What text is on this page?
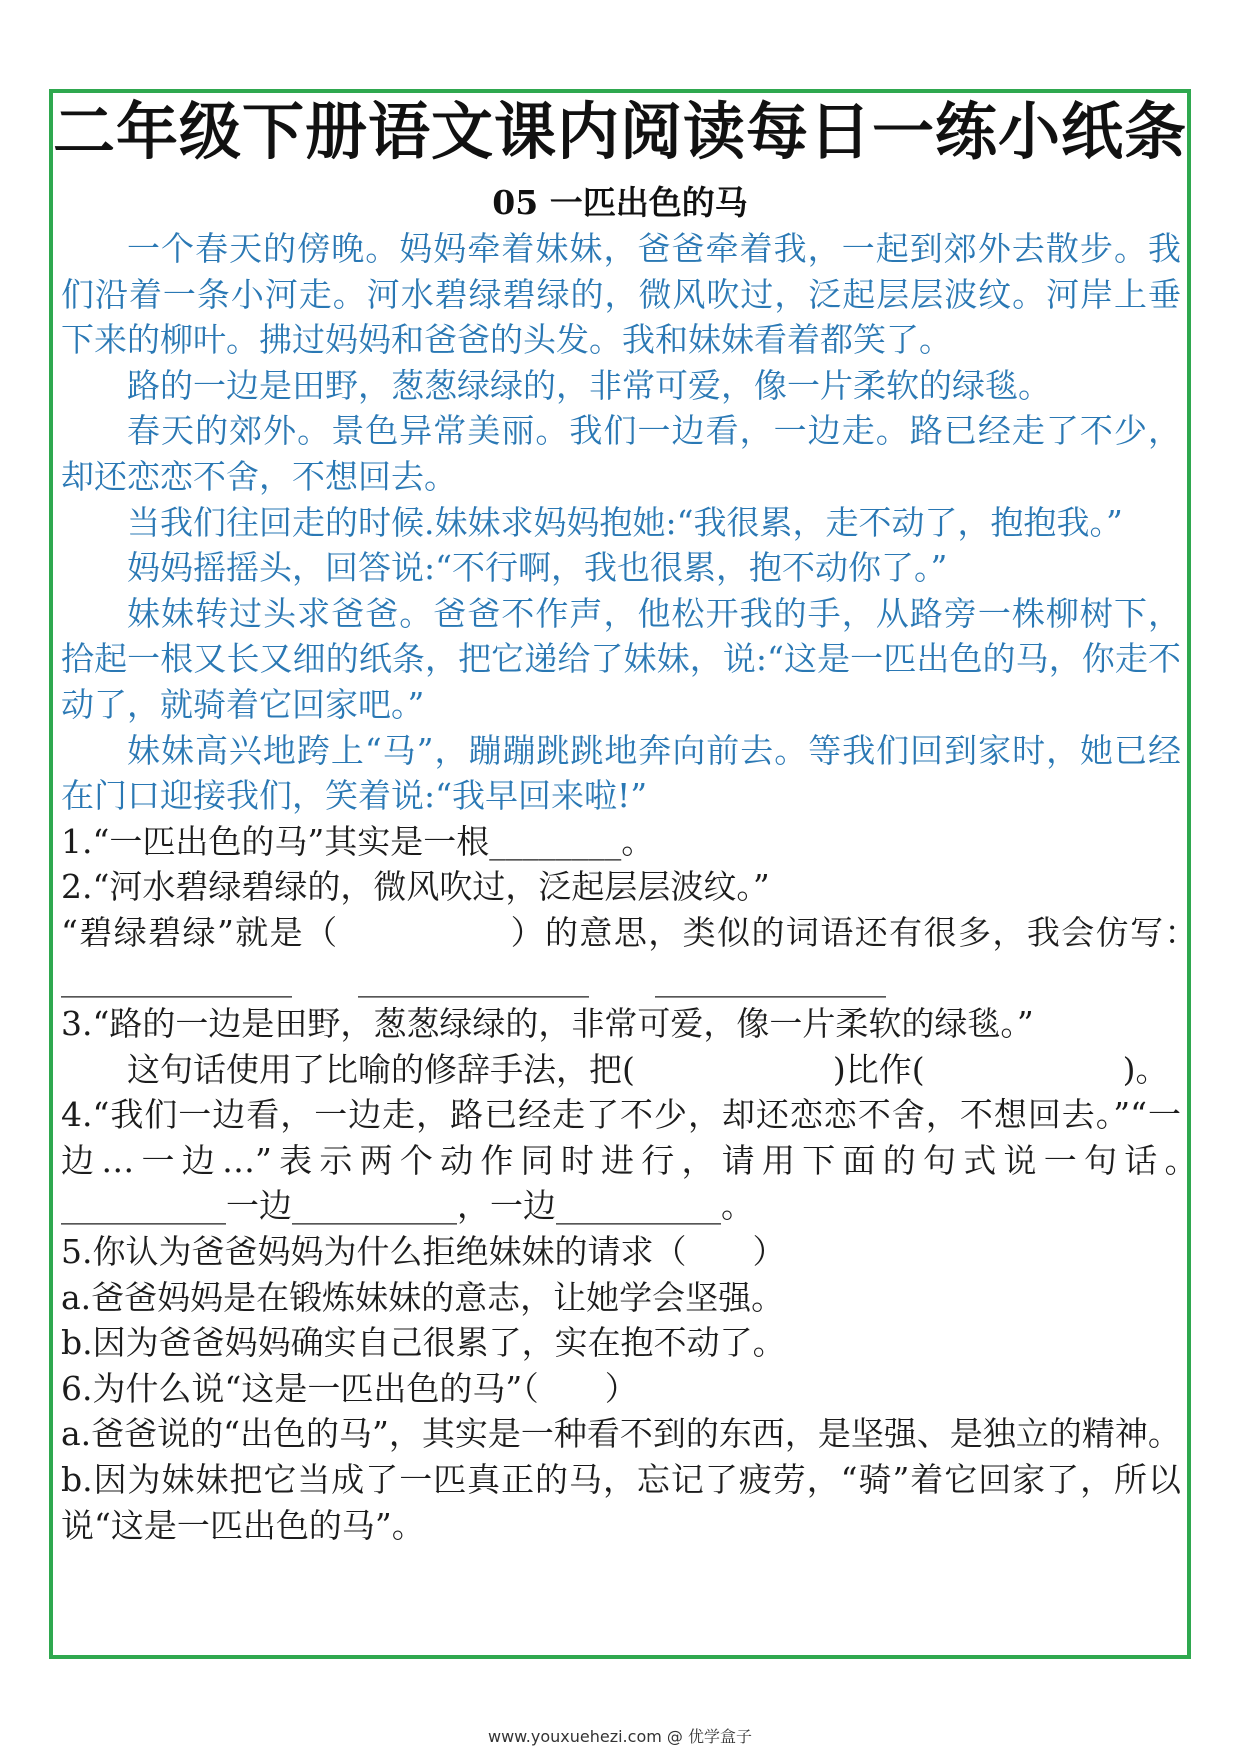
二年级下册语文课内阅读每日一练小纸条
05 一匹出色的马

一个春天的傍晚。妈妈牵着妹妹，爸爸牵着我，一起到郊外去散步。我们沿着一条小河走。河水碧绿碧绿的，微风吹过，泛起层层波纹。河岸上垂下来的柳叶。拂过妈妈和爸爸的头发。我和妹妹看着都笑了。

路的一边是田野，葱葱绿绿的，非常可爱，像一片柔软的绿毯。

春天的郊外。景色异常美丽。我们一边看，一边走。路已经走了不少，却还恋恋不舍，不想回去。

当我们往回走的时候.妹妹求妈妈抱她:“我很累，走不动了，抱抱我。”

妈妈摇摇头，回答说:“不行啊，我也很累，抱不动你了。”

妹妹转过头求爸爸。爸爸不作声，他松开我的手，从路旁一株柳树下，拾起一根又长又细的纸条，把它递给了妹妹，说:“这是一匹出色的马，你走不动了，就骑着它回家吧。”

妹妹高兴地跨上“马”，蹦蹦跳跳地奔向前去。等我们回到家时，她已经在门口迎接我们，笑着说:“我早回来啦!”

1.“一匹出色的马”其实是一根________。

2.“河水碧绿碧绿的，微风吹过，泛起层层波纹。”

“碧绿碧绿”就是（　　　　　）的意思，类似的词语还有很多，我会仿写：　______________　　______________　　______________

3.“路的一边是田野，葱葱绿绿的，非常可爱，像一片柔软的绿毯。”

这句话使用了比喻的修辞手法，把(　　　　　　)比作(　　　　　　)。

4.“我们一边看，一边走，路已经走了不少，却还恋恋不舍，不想回去。”“一边…一边…”表示两个动作同时进行，请用下面的句式说一句话。　__________一边__________，一边__________。

5.你认为爸爸妈妈为什么拒绝妹妹的请求（　　）

a.爸爸妈妈是在锻炼妹妹的意志，让她学会坚强。

b.因为爸爸妈妈确实自己很累了，实在抱不动了。

6.为什么说“这是一匹出色的马”（　　）

a.爸爸说的“出色的马”，其实是一种看不到的东西，是坚强、是独立的精神。

b.因为妹妹把它当成了一匹真正的马，忘记了疲劳，“骑”着它回家了，所以说“这是一匹出色的马”。

www.youxuehezi.com @ 优学盒子
